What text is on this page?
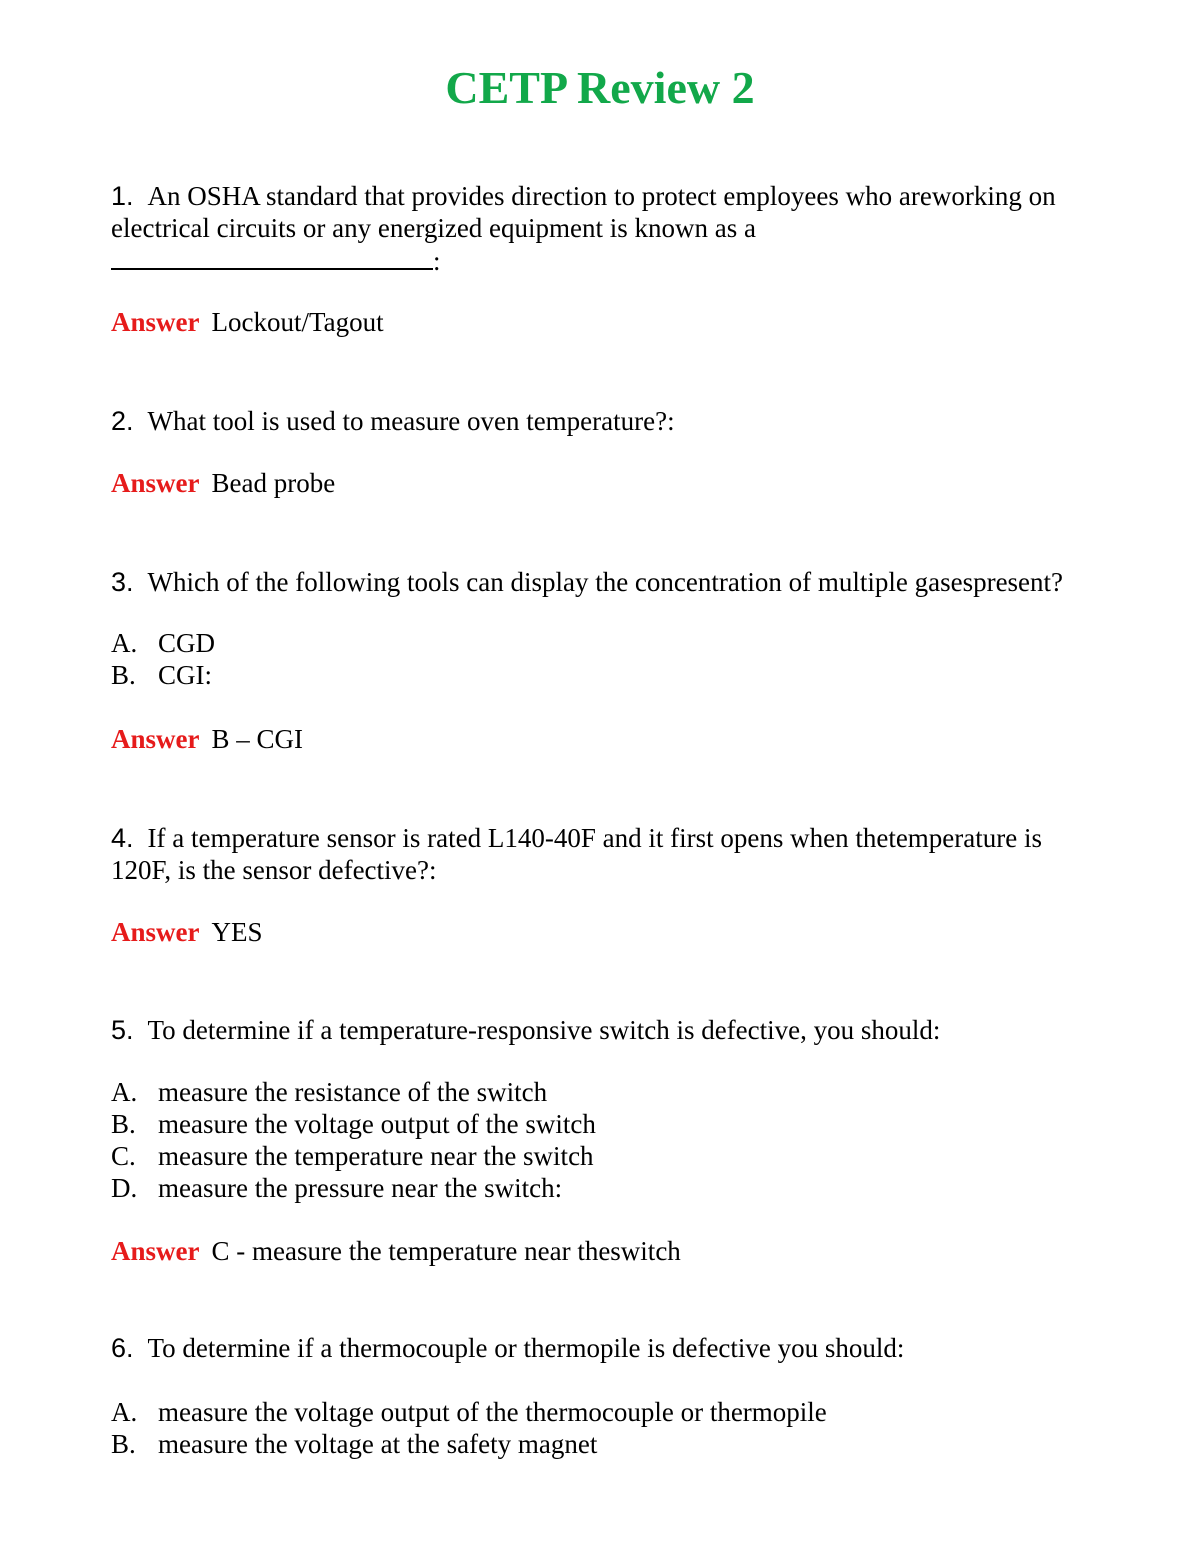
CETP Review 2
1. An OSHA standard that provides direction to protect employees who areworking on electrical circuits or any energized equipment is known as a
:
Answer Lockout/Tagout
2. What tool is used to measure oven temperature?:
Answer Bead probe
3. Which of the following tools can display the concentration of multiple gasespresent?
A. CGD
B. CGI:
Answer B – CGI
4. If a temperature sensor is rated L140-40F and it first opens when thetemperature is 120F, is the sensor defective?:
Answer YES
5. To determine if a temperature-responsive switch is defective, you should:
A. measure the resistance of the switch
B. measure the voltage output of the switch
C. measure the temperature near the switch
D. measure the pressure near the switch:
Answer C - measure the temperature near theswitch
6. To determine if a thermocouple or thermopile is defective you should:
A. measure the voltage output of the thermocouple or thermopile
B. measure the voltage at the safety magnet
